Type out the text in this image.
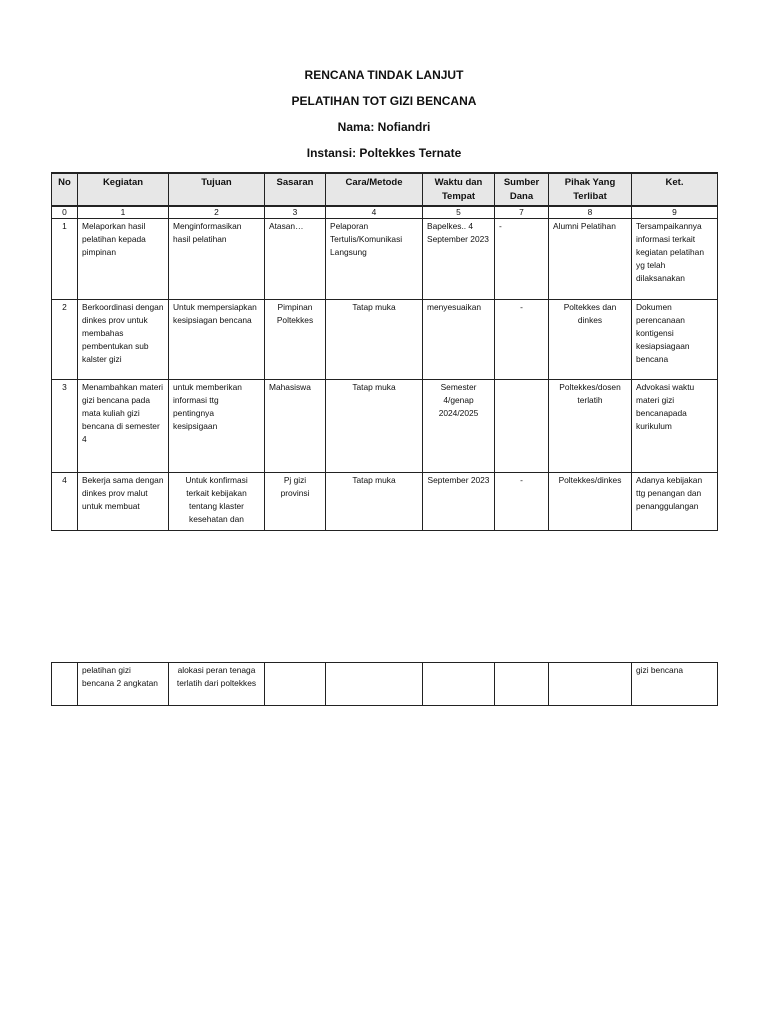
RENCANA TINDAK LANJUT
PELATIHAN TOT GIZI BENCANA
Nama: Nofiandri
Instansi: Poltekkes Ternate
No	Kegiatan	Tujuan	Sasaran	Cara/Metode	Waktu dan Tempat	Sumber Dana	Pihak Yang Terlibat	Ket.
0	1	2	3	4	5	7	8	9
1	Melaporkan hasil pelatihan kepada pimpinan	Menginformasikan hasil pelatihan	Atasan…	Pelaporan Tertulis/Komunikasi Langsung	Bapelkes.. 4 September 2023	-	Alumni Pelatihan	Tersampaikannya informasi terkait kegiatan pelatihan yg telah dilaksanakan
2	Berkoordinasi dengan dinkes prov untuk membahas pembentukan sub kalster gizi	Untuk mempersiapkan kesipsiagan bencana	Pimpinan Poltekkes	Tatap muka	menyesuaikan	-	Poltekkes dan dinkes	Dokumen perencanaan kontigensi kesiapsiagaan bencana
3	Menambahkan materi gizi bencana pada mata kuliah gizi bencana di semester 4	untuk memberikan informasi ttg pentingnya kesipsigaan	Mahasiswa	Tatap muka	Semester 4/genap 2024/2025		Poltekkes/dosen terlatih	Advokasi waktu materi gizi bencanapada kurikulum
4	Bekerja sama dengan dinkes prov malut untuk membuat	Untuk konfirmasi terkait kebijakan tentang klaster kesehatan dan	Pj gizi provinsi	Tatap muka	September 2023	-	Poltekkes/dinkes	Adanya kebijakan ttg penangan dan penanggulangan
	pelatihan gizi bencana 2 angkatan	alokasi peran tenaga terlatih dari poltekkes						gizi bencana
